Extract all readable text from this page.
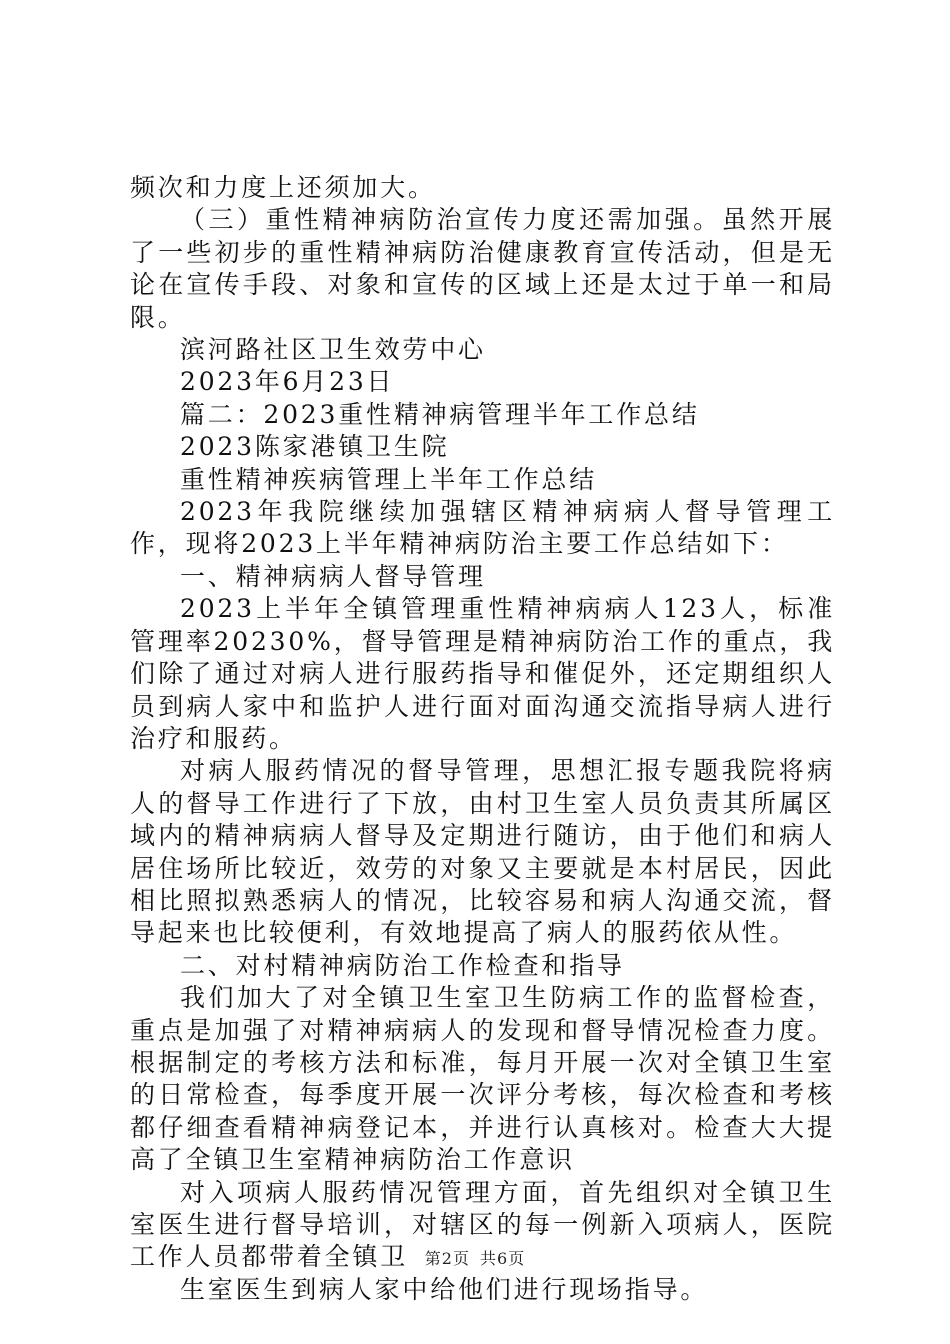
频次和力度上还须加大。

（三）重性精神病防治宣传力度还需加强。虽然开展了一些初步的重性精神病防治健康教育宣传活动，但是无论在宣传手段、对象和宣传的区域上还是太过于单一和局限。

滨河路社区卫生效劳中心

2023年6月23日

篇二：2023重性精神病管理半年工作总结

2023陈家港镇卫生院

重性精神疾病管理上半年工作总结

2023年我院继续加强辖区精神病病人督导管理工作，现将2023上半年精神病防治主要工作总结如下：

一、精神病病人督导管理

2023上半年全镇管理重性精神病病人123人，标准管理率20230%，督导管理是精神病防治工作的重点，我们除了通过对病人进行服药指导和催促外，还定期组织人员到病人家中和监护人进行面对面沟通交流指导病人进行治疗和服药。

对病人服药情况的督导管理，思想汇报专题我院将病人的督导工作进行了下放，由村卫生室人员负责其所属区域内的精神病病人督导及定期进行随访，由于他们和病人居住场所比较近，效劳的对象又主要就是本村居民，因此相比照拟熟悉病人的情况，比较容易和病人沟通交流，督导起来也比较便利，有效地提高了病人的服药依从性。

二、对村精神病防治工作检查和指导

我们加大了对全镇卫生室卫生防病工作的监督检查，重点是加强了对精神病病人的发现和督导情况检查力度。根据制定的考核方法和标准，每月开展一次对全镇卫生室的日常检查，每季度开展一次评分考核，每次检查和考核都仔细查看精神病登记本，并进行认真核对。检查大大提高了全镇卫生室精神病防治工作意识

对入项病人服药情况管理方面，首先组织对全镇卫生室医生进行督导培训，对辖区的每一例新入项病人，医院工作人员都带着全镇卫

生室医生到病人家中给他们进行现场指导。

第2页 共6页
